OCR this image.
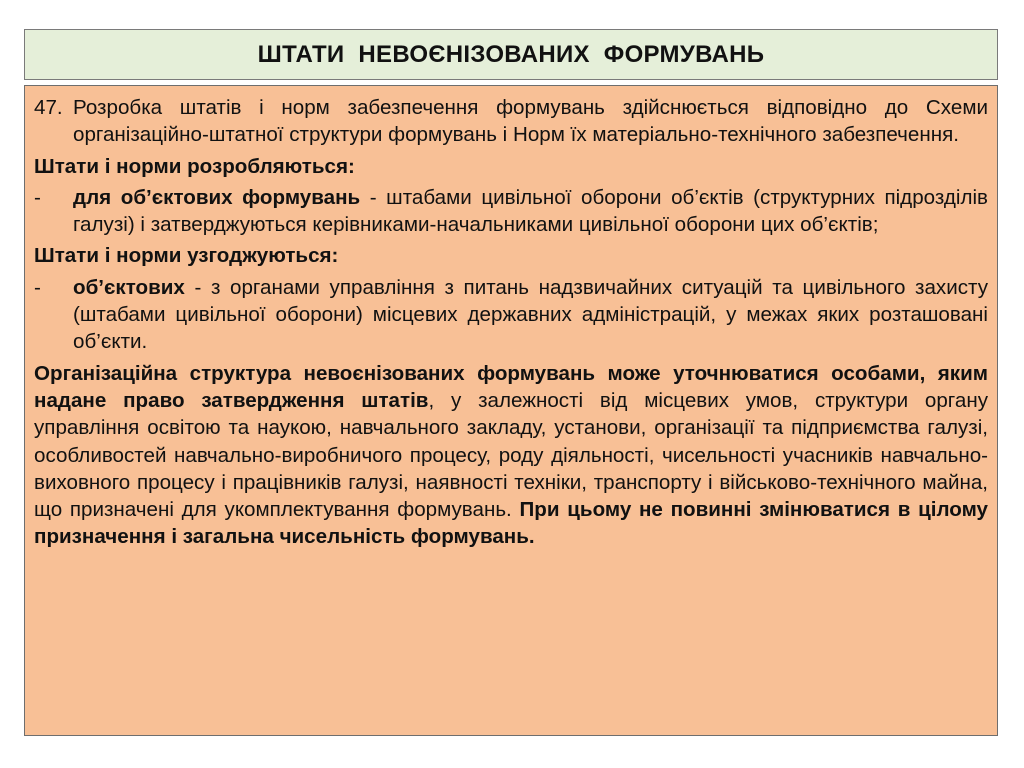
ШТАТИ  НЕВОЄНІЗОВАНИХ  ФОРМУВАНЬ
47. Розробка штатів і норм забезпечення формувань здійснюється відповідно до Схеми організаційно-штатної структури формувань і Норм їх матеріально-технічного забезпечення.
Штати і норми розробляються:
-	для об’єктових формувань - штабами цивільної оборони об’єктів (структурних підрозділів галузі) і затверджуються керівниками-начальниками цивільної оборони цих об’єктів;
Штати і норми узгоджуються:
-	об’єктових - з органами управління з питань надзвичайних ситуацій та цивільного захисту (штабами цивільної оборони) місцевих державних адміністрацій, у межах яких розташовані об’єкти.
Організаційна структура невоєнізованих формувань може уточнюватися особами, яким надане право затвердження штатів, у залежності від місцевих умов, структури органу управління освітою та наукою, навчального закладу, установи, організації та підприємства галузі, особливостей навчально-виробничого процесу, роду діяльності, чисельності учасників навчально-виховного процесу і працівників галузі, наявності техніки, транспорту і військово-технічного майна, що призначені для укомплектування формувань. При цьому не повинні змінюватися в цілому призначення і загальна чисельність формувань.
